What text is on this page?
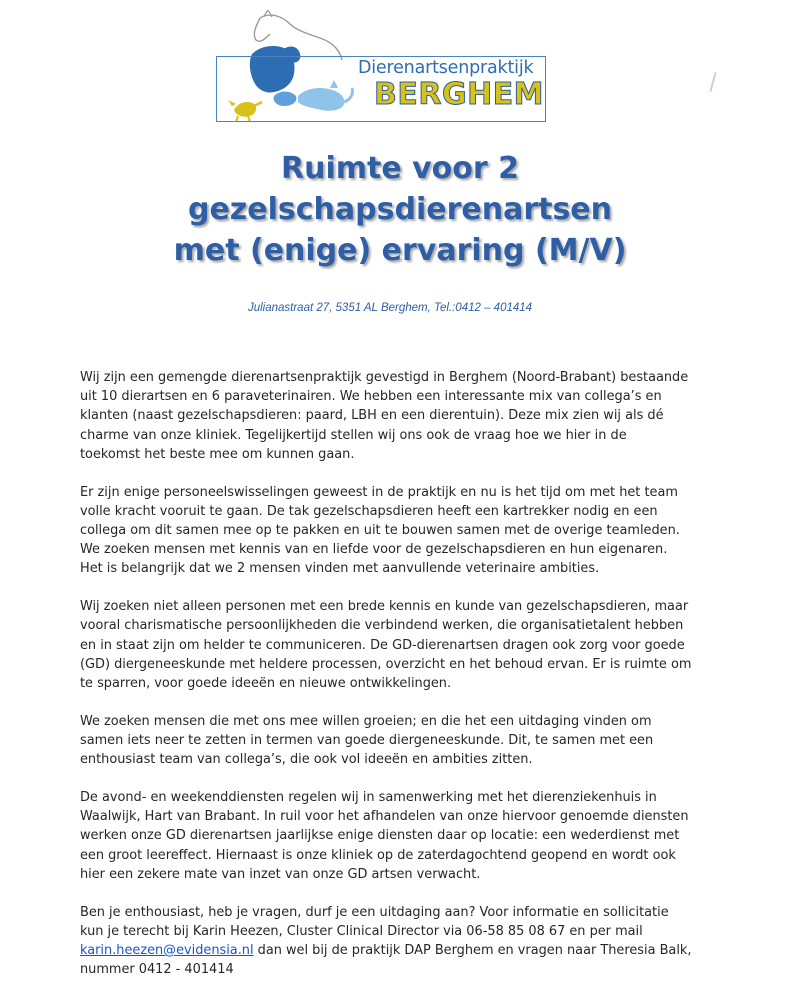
Dierenartsenpraktijk
BERGHEM
Ruimte voor 2
gezelschapsdierenartsen
met (enige) ervaring (M/V)
Julianastraat 27, 5351 AL Berghem, Tel.:0412 – 401414

Wij zijn een gemengde dierenartsenpraktijk gevestigd in Berghem (Noord-Brabant) bestaande
uit 10 dierartsen en 6 paraveterinairen. We hebben een interessante mix van collega’s en
klanten (naast gezelschapsdieren: paard, LBH en een dierentuin). Deze mix zien wij als dé
charme van onze kliniek. Tegelijkertijd stellen wij ons ook de vraag hoe we hier in de
toekomst het beste mee om kunnen gaan.

Er zijn enige personeelswisselingen geweest in de praktijk en nu is het tijd om met het team
volle kracht vooruit te gaan. De tak gezelschapsdieren heeft een kartrekker nodig en een
collega om dit samen mee op te pakken en uit te bouwen samen met de overige teamleden.
We zoeken mensen met kennis van en liefde voor de gezelschapsdieren en hun eigenaren.
Het is belangrijk dat we 2 mensen vinden met aanvullende veterinaire ambities.

Wij zoeken niet alleen personen met een brede kennis en kunde van gezelschapsdieren, maar
vooral charismatische persoonlijkheden die verbindend werken, die organisatietalent hebben
en in staat zijn om helder te communiceren. De GD-dierenartsen dragen ook zorg voor goede
(GD) diergeneeskunde met heldere processen, overzicht en het behoud ervan. Er is ruimte om
te sparren, voor goede ideeën en nieuwe ontwikkelingen.

We zoeken mensen die met ons mee willen groeien; en die het een uitdaging vinden om
samen iets neer te zetten in termen van goede diergeneeskunde. Dit, te samen met een
enthousiast team van collega’s, die ook vol ideeën en ambities zitten.

De avond- en weekenddiensten regelen wij in samenwerking met het dierenziekenhuis in
Waalwijk, Hart van Brabant. In ruil voor het afhandelen van onze hiervoor genoemde diensten
werken onze GD dierenartsen jaarlijkse enige diensten daar op locatie: een wederdienst met
een groot leereffect. Hiernaast is onze kliniek op de zaterdagochtend geopend en wordt ook
hier een zekere mate van inzet van onze GD artsen verwacht.

Ben je enthousiast, heb je vragen, durf je een uitdaging aan? Voor informatie en sollicitatie
kun je terecht bij Karin Heezen, Cluster Clinical Director via 06-58 85 08 67 en per mail
karin.heezen@evidensia.nl dan wel bij de praktijk DAP Berghem en vragen naar Theresia Balk,
nummer 0412 - 401414
